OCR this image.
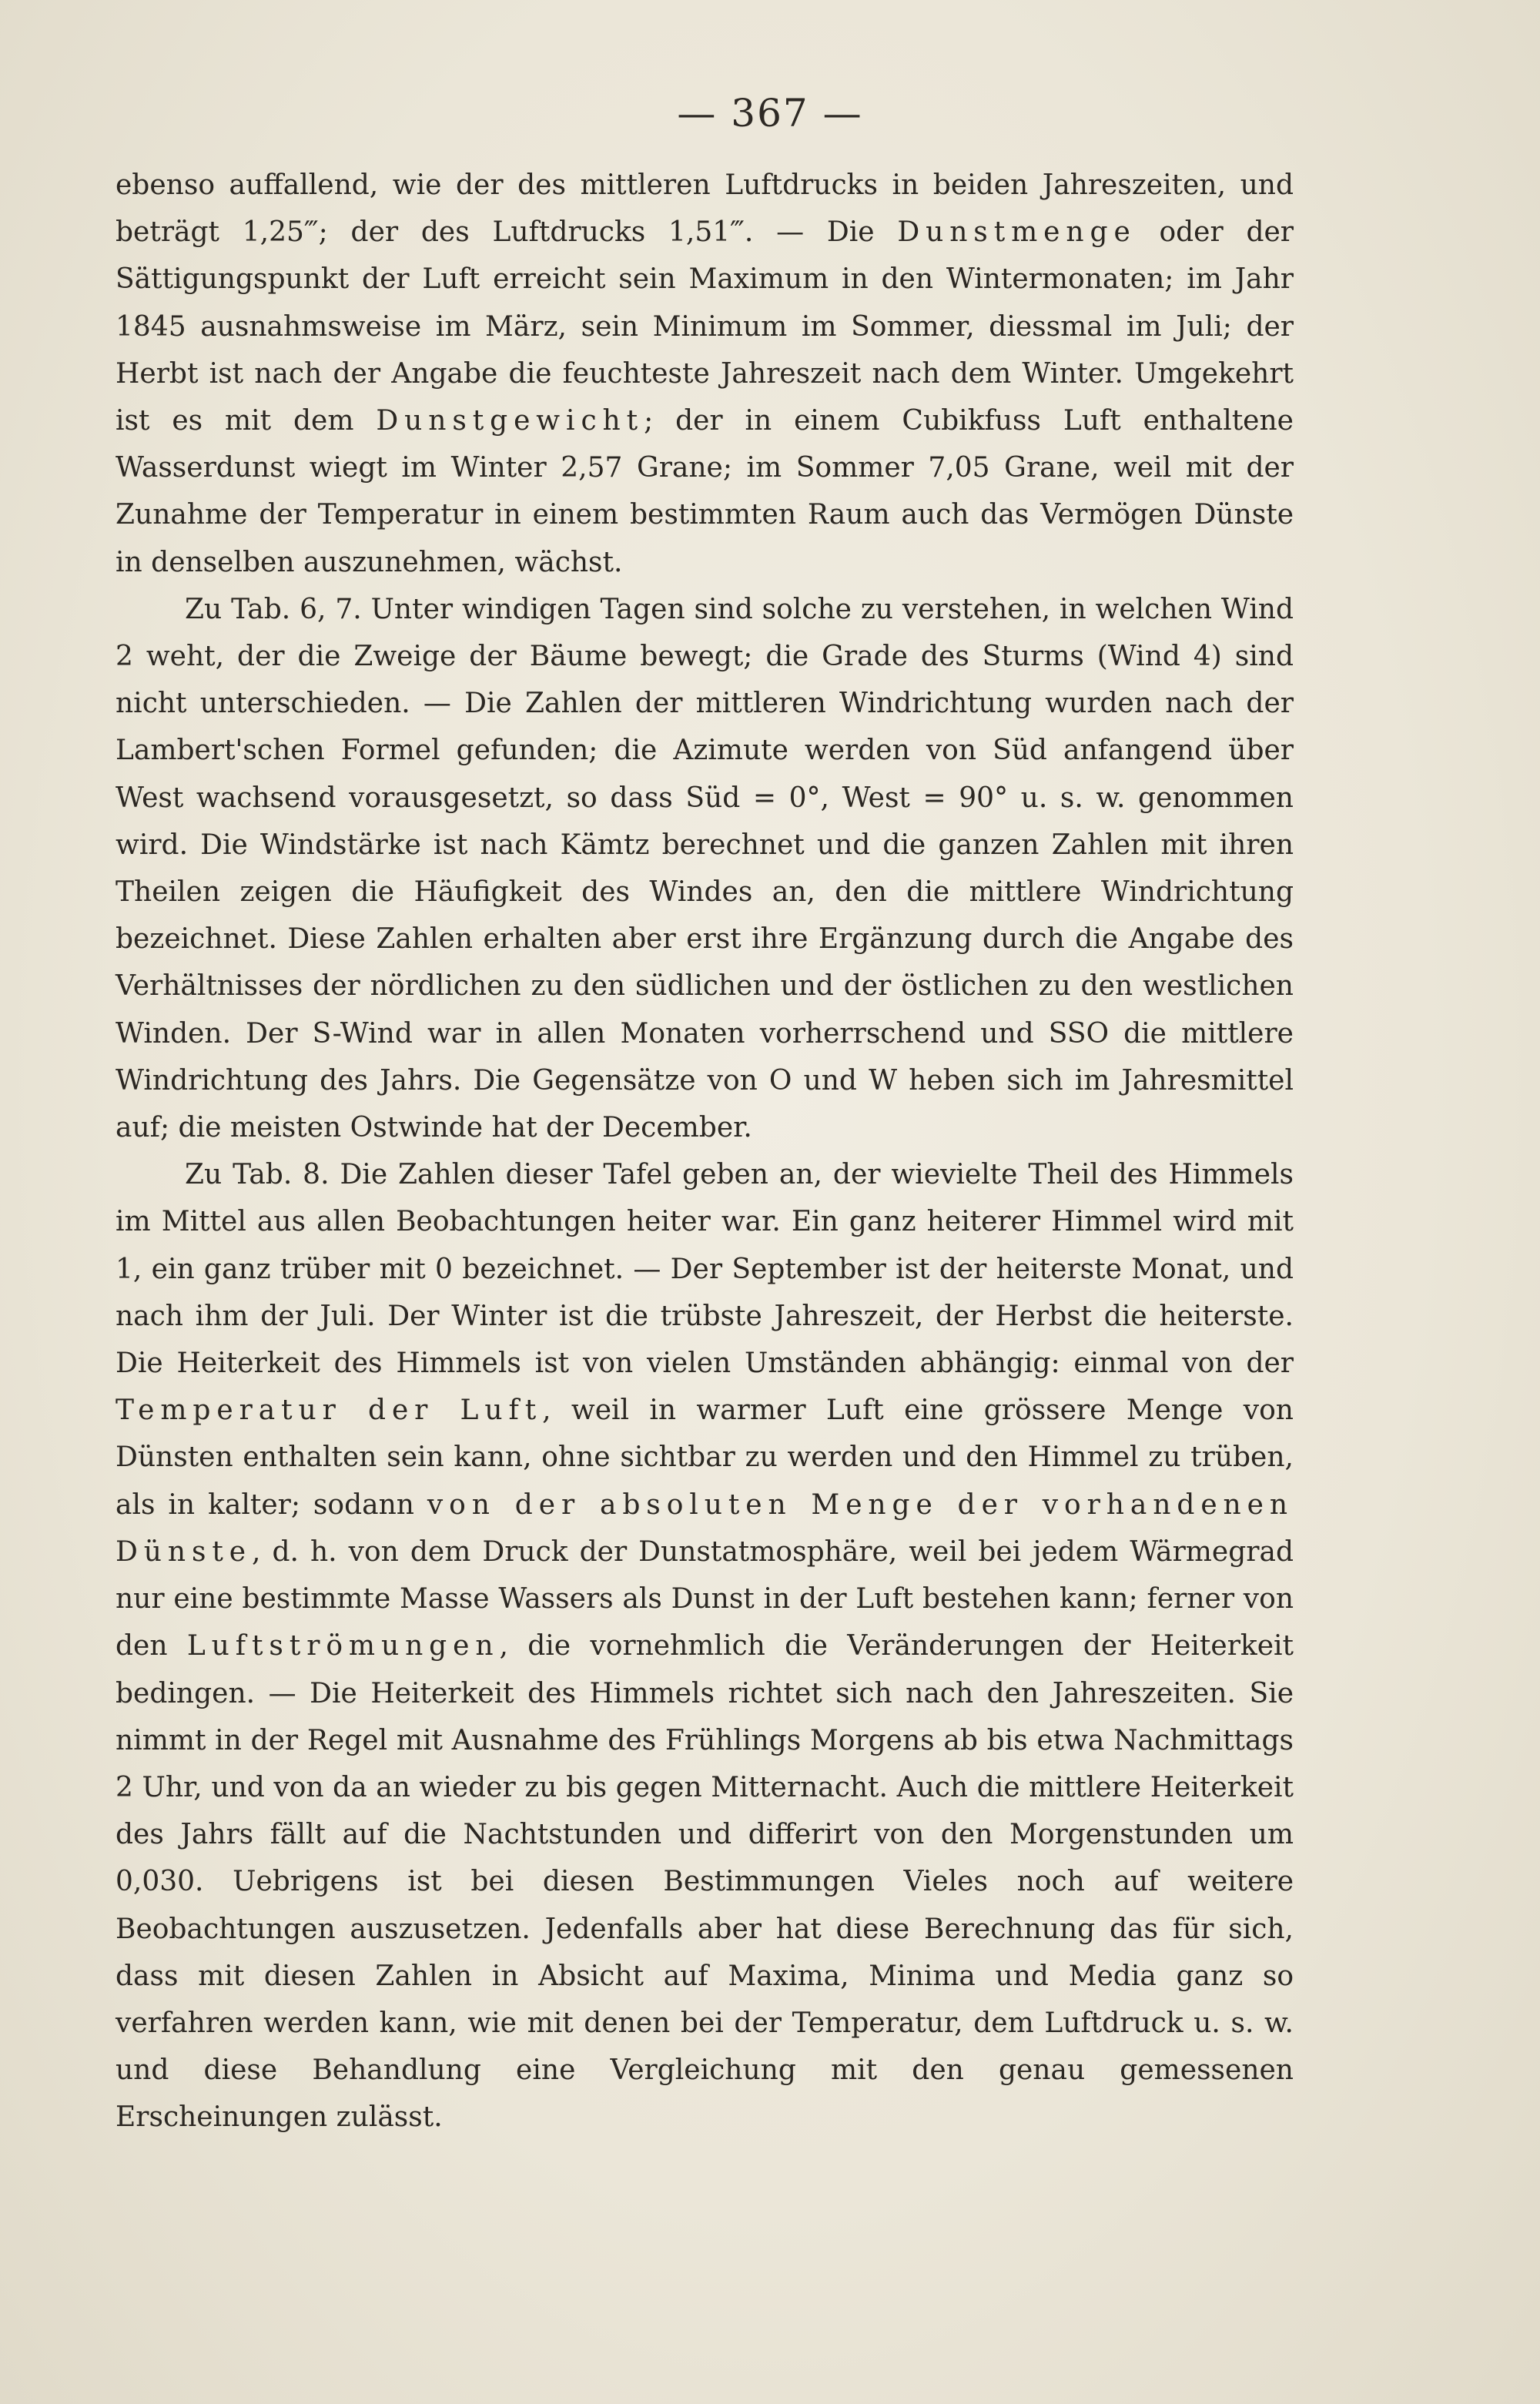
— 367 —

ebenso auffallend, wie der des mittleren Luftdrucks in beiden Jahreszeiten, und beträgt 1,25‴; der des Luftdrucks 1,51‴. — Die Dunstmenge oder der Sättigungspunkt der Luft erreicht sein Maximum in den Wintermonaten; im Jahr 1845 ausnahmsweise im März, sein Minimum im Sommer, diessmal im Juli; der Herbt ist nach der Angabe die feuchteste Jahreszeit nach dem Winter. Umgekehrt ist es mit dem Dunstgewicht; der in einem Cubikfuss Luft enthaltene Wasserdunst wiegt im Winter 2,57 Grane; im Sommer 7,05 Grane, weil mit der Zunahme der Temperatur in einem bestimmten Raum auch das Vermögen Dünste in denselben auszunehmen, wächst.

Zu Tab. 6, 7. Unter windigen Tagen sind solche zu verstehen, in welchen Wind 2 weht, der die Zweige der Bäume bewegt; die Grade des Sturms (Wind 4) sind nicht unterschieden. — Die Zahlen der mittleren Windrichtung wurden nach der Lambert'schen Formel gefunden; die Azimute werden von Süd anfangend über West wachsend vorausgesetzt, so dass Süd = 0°, West = 90° u. s. w. genommen wird. Die Windstärke ist nach Kämtz berechnet und die ganzen Zahlen mit ihren Theilen zeigen die Häufigkeit des Windes an, den die mittlere Windrichtung bezeichnet. Diese Zahlen erhalten aber erst ihre Ergänzung durch die Angabe des Verhältnisses der nördlichen zu den südlichen und der östlichen zu den westlichen Winden. Der S-Wind war in allen Monaten vorherrschend und SSO die mittlere Windrichtung des Jahrs. Die Gegensätze von O und W heben sich im Jahresmittel auf; die meisten Ostwinde hat der December.

Zu Tab. 8. Die Zahlen dieser Tafel geben an, der wievielte Theil des Himmels im Mittel aus allen Beobachtungen heiter war. Ein ganz heiterer Himmel wird mit 1, ein ganz trüber mit 0 bezeichnet. — Der September ist der heiterste Monat, und nach ihm der Juli. Der Winter ist die trübste Jahreszeit, der Herbst die heiterste. Die Heiterkeit des Himmels ist von vielen Umständen abhängig: einmal von der Temperatur der Luft, weil in warmer Luft eine grössere Menge von Dünsten enthalten sein kann, ohne sichtbar zu werden und den Himmel zu trüben, als in kalter; sodann von der absoluten Menge der vorhandenen Dünste, d. h. von dem Druck der Dunstatmosphäre, weil bei jedem Wärmegrad nur eine bestimmte Masse Wassers als Dunst in der Luft bestehen kann; ferner von den Luftströmungen, die vornehmlich die Veränderungen der Heiterkeit bedingen. — Die Heiterkeit des Himmels richtet sich nach den Jahreszeiten. Sie nimmt in der Regel mit Ausnahme des Frühlings Morgens ab bis etwa Nachmittags 2 Uhr, und von da an wieder zu bis gegen Mitternacht. Auch die mittlere Heiterkeit des Jahrs fällt auf die Nachtstunden und differirt von den Morgenstunden um 0,030. Uebrigens ist bei diesen Bestimmungen Vieles noch auf weitere Beobachtungen auszusetzen. Jedenfalls aber hat diese Berechnung das für sich, dass mit diesen Zahlen in Absicht auf Maxima, Minima und Media ganz so verfahren werden kann, wie mit denen bei der Temperatur, dem Luftdruck u. s. w. und diese Behandlung eine Vergleichung mit den genau gemessenen Erscheinungen zulässt.
